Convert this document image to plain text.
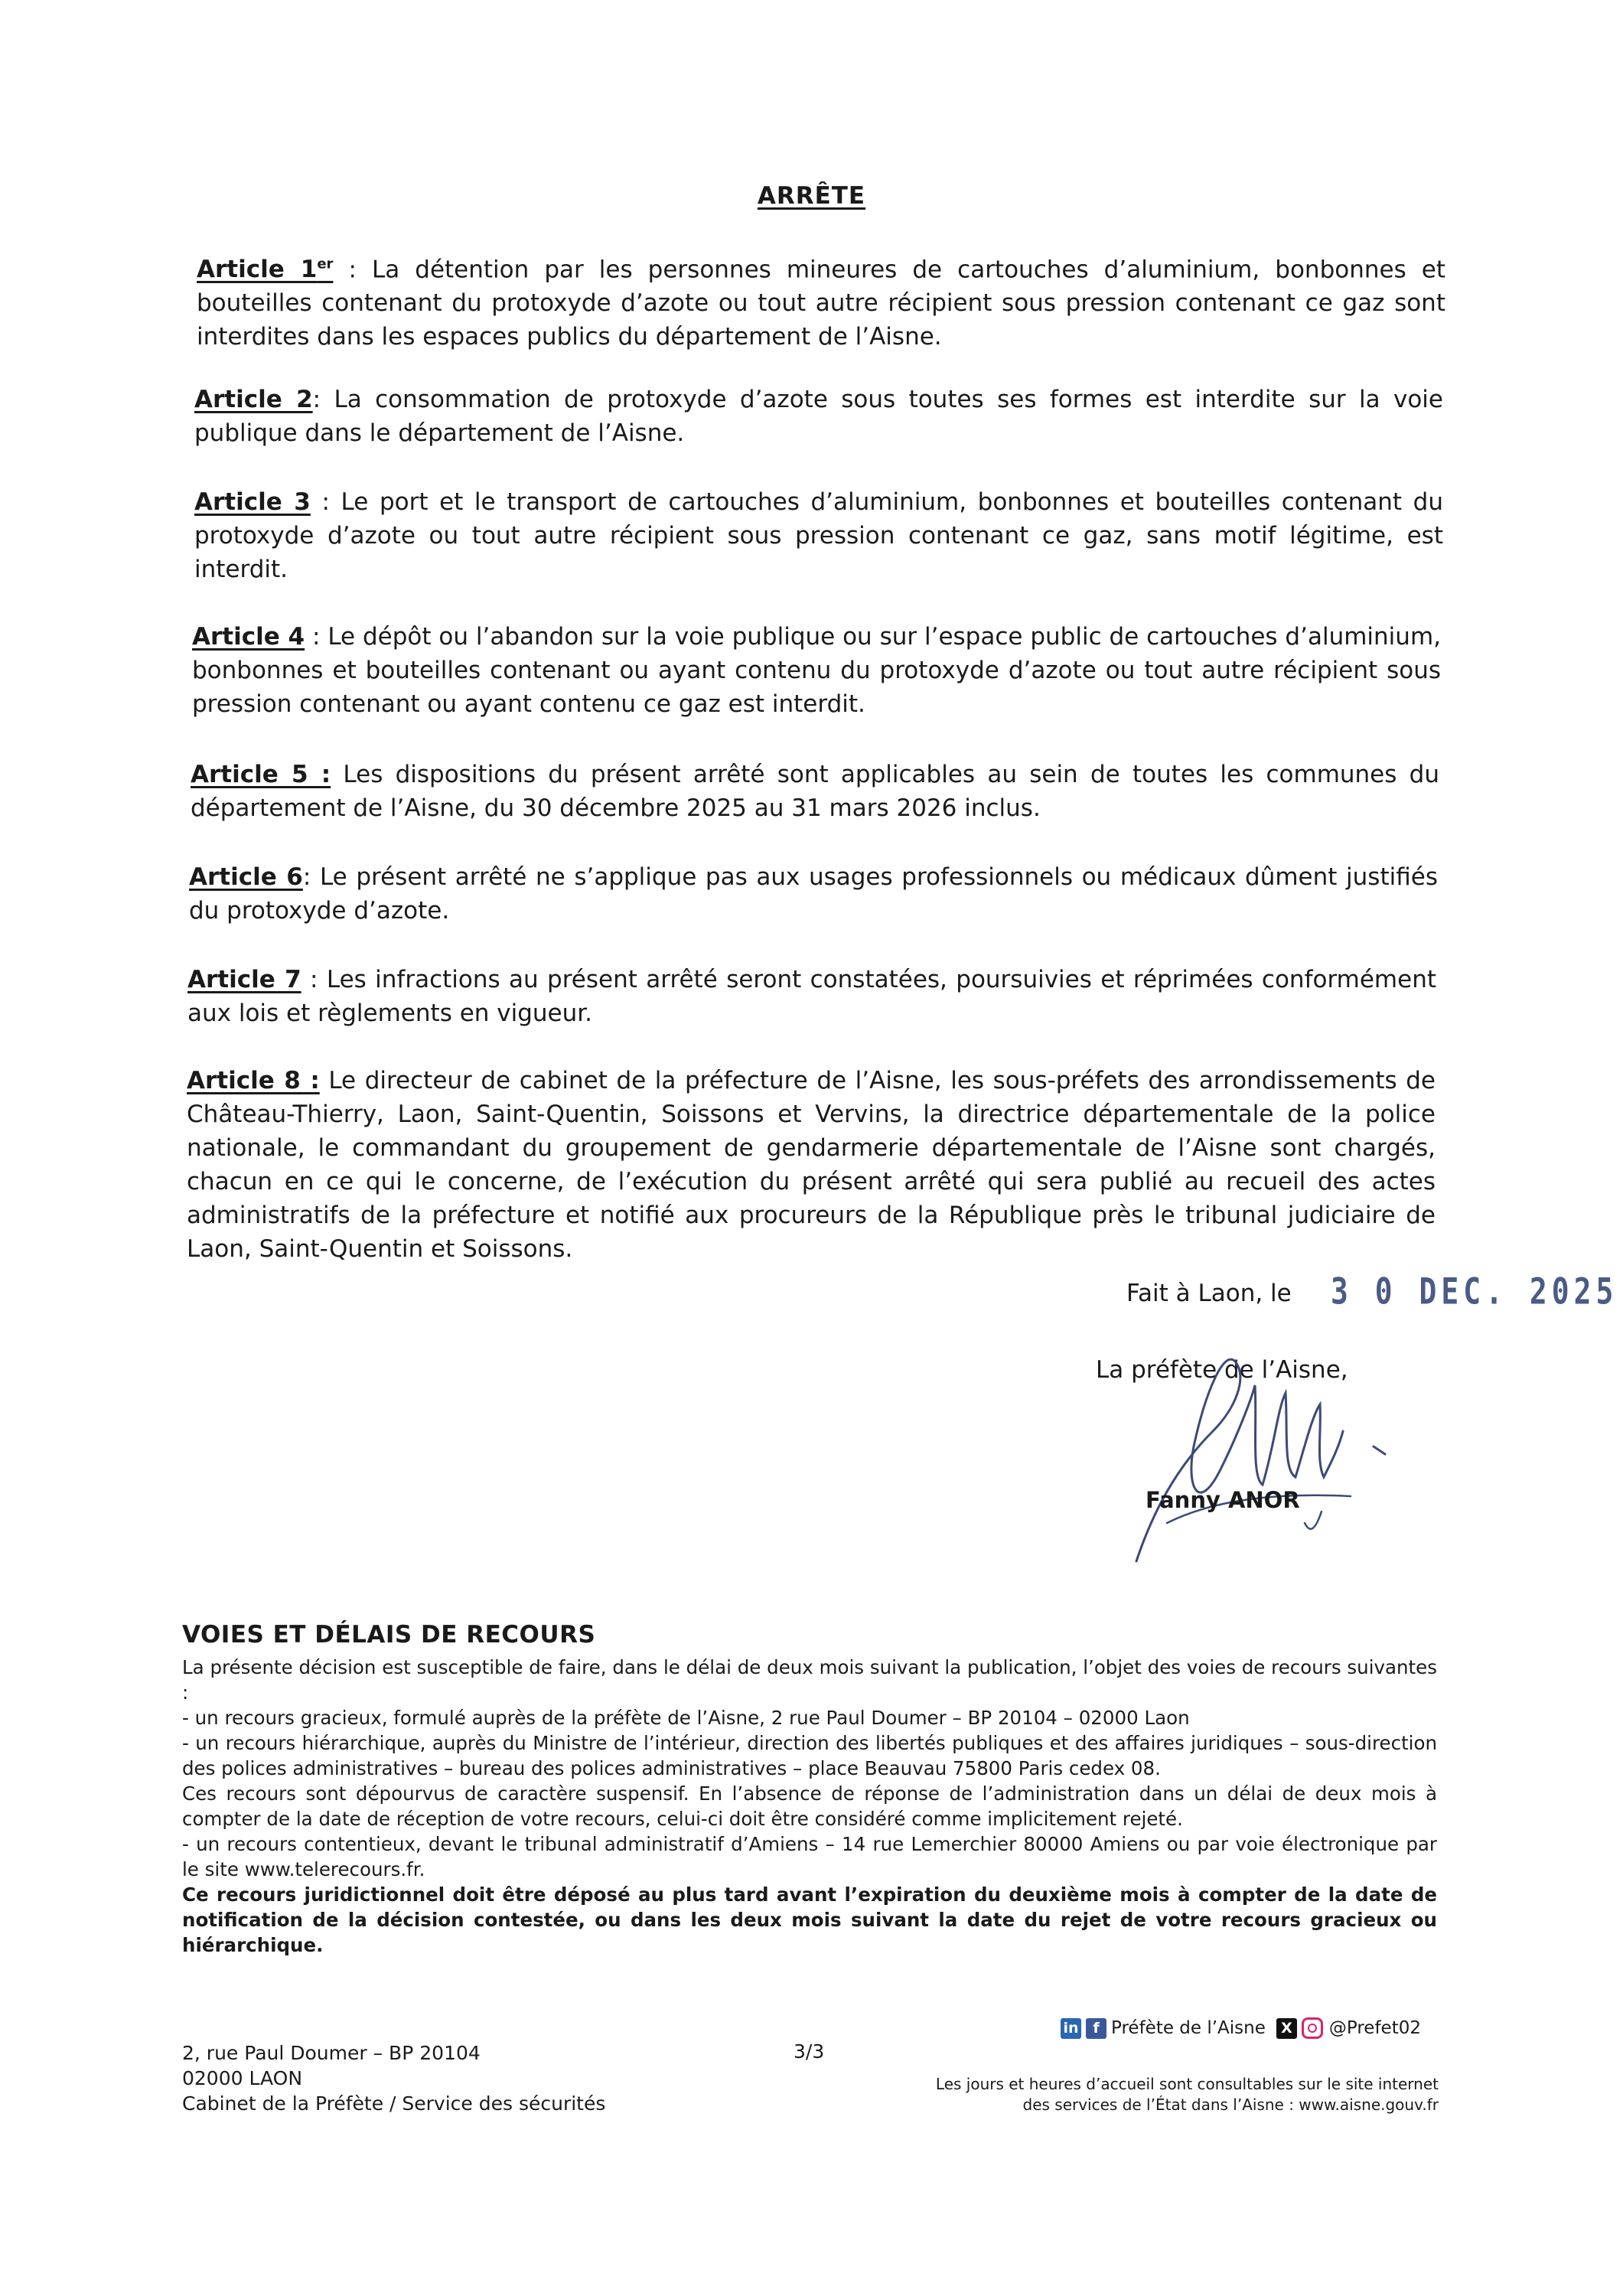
ARRÊTE
Article 1er : La détention par les personnes mineures de cartouches d’aluminium, bonbonnes et bouteilles contenant du protoxyde d’azote ou tout autre récipient sous pression contenant ce gaz sont interdites dans les espaces publics du département de l’Aisne.
Article 2: La consommation de protoxyde d’azote sous toutes ses formes est interdite sur la voie publique dans le département de l’Aisne.
Article 3 : Le port et le transport de cartouches d’aluminium, bonbonnes et bouteilles contenant du protoxyde d’azote ou tout autre récipient sous pression contenant ce gaz, sans motif légitime, est interdit.
Article 4 : Le dépôt ou l’abandon sur la voie publique ou sur l’espace public de cartouches d’aluminium, bonbonnes et bouteilles contenant ou ayant contenu du protoxyde d’azote ou tout autre récipient sous pression contenant ou ayant contenu ce gaz est interdit.
Article 5 : Les dispositions du présent arrêté sont applicables au sein de toutes les communes du département de l’Aisne, du 30 décembre 2025 au 31 mars 2026 inclus.
Article 6: Le présent arrêté ne s’applique pas aux usages professionnels ou médicaux dûment justifiés du protoxyde d’azote.
Article 7 : Les infractions au présent arrêté seront constatées, poursuivies et réprimées conformément aux lois et règlements en vigueur.
Article 8 : Le directeur de cabinet de la préfecture de l’Aisne, les sous-préfets des arrondissements de Château-Thierry, Laon, Saint-Quentin, Soissons et Vervins, la directrice départementale de la police nationale, le commandant du groupement de gendarmerie départementale de l’Aisne sont chargés, chacun en ce qui le concerne, de l’exécution du présent arrêté qui sera publié au recueil des actes administratifs de la préfecture et notifié aux procureurs de la République près le tribunal judiciaire de Laon, Saint-Quentin et Soissons.
Fait à Laon, le 3 0 DEC. 2025
La préfète de l’Aisne,
Fanny ANOR
VOIES ET DÉLAIS DE RECOURS

La présente décision est susceptible de faire, dans le délai de deux mois suivant la publication, l’objet des voies de recours suivantes :

- un recours gracieux, formulé auprès de la préfète de l’Aisne, 2 rue Paul Doumer – BP 20104 – 02000 Laon

- un recours hiérarchique, auprès du Ministre de l’intérieur, direction des libertés publiques et des affaires juridiques – sous-direction des polices administratives – bureau des polices administratives – place Beauvau 75800 Paris cedex 08.

Ces recours sont dépourvus de caractère suspensif. En l’absence de réponse de l’administration dans un délai de deux mois à compter de la date de réception de votre recours, celui-ci doit être considéré comme implicitement rejeté.

- un recours contentieux, devant le tribunal administratif d’Amiens – 14 rue Lemerchier 80000 Amiens ou par voie électronique par le site www.telerecours.fr.

Ce recours juridictionnel doit être déposé au plus tard avant l’expiration du deuxième mois à compter de la date de notification de la décision contestée, ou dans les deux mois suivant la date du rejet de votre recours gracieux ou hiérarchique.

2, rue Paul Doumer – BP 20104
02000 LAON
Cabinet de la Préfète / Service des sécurités
3/3
in f Préfète de l’Aisne	X @Prefet02
Les jours et heures d’accueil sont consultables sur le site internet
des services de l’État dans l’Aisne : www.aisne.gouv.fr
